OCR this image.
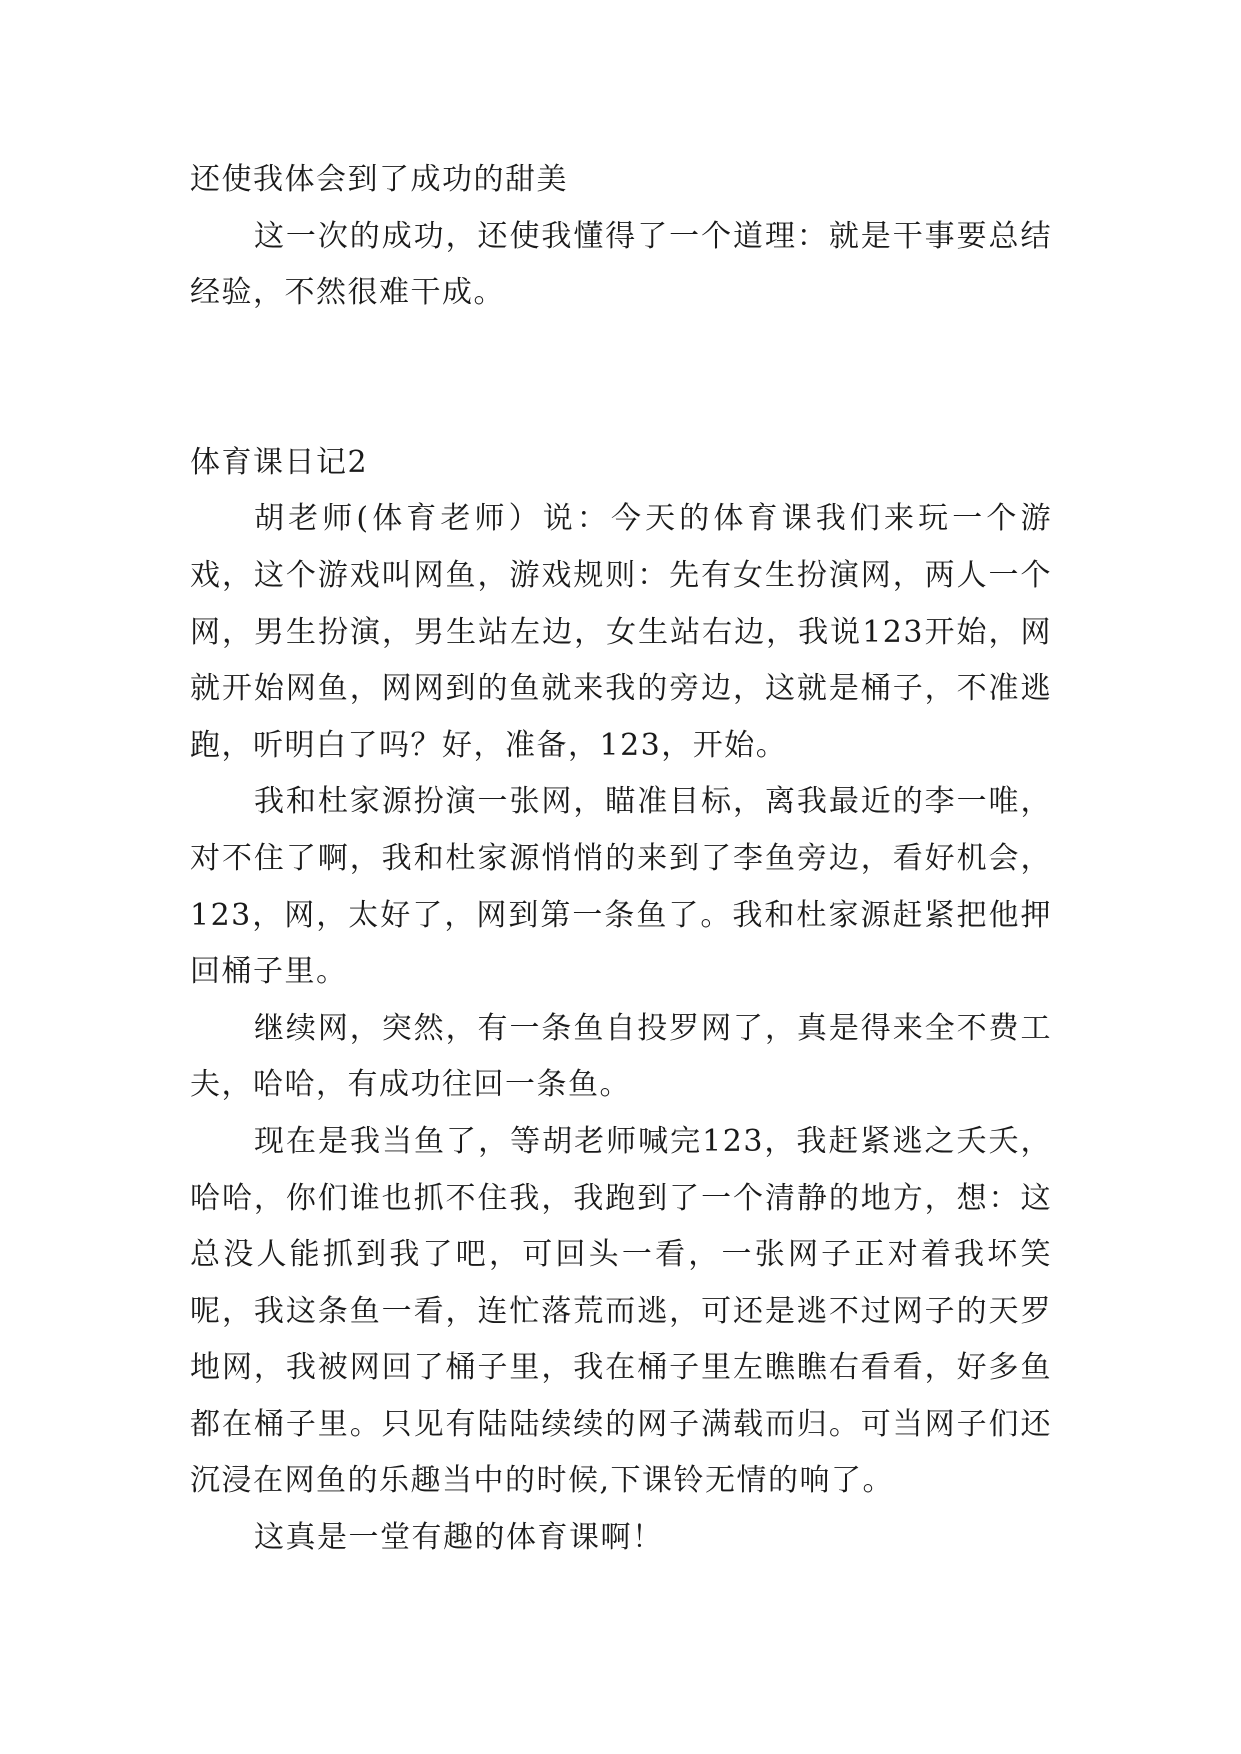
还使我体会到了成功的甜美

这一次的成功，还使我懂得了一个道理：就是干事要总结经验，不然很难干成。

体育课日记2

胡老师(体育老师）说：今天的体育课我们来玩一个游戏，这个游戏叫网鱼，游戏规则：先有女生扮演网，两人一个网，男生扮演，男生站左边，女生站右边，我说123开始，网就开始网鱼，网网到的鱼就来我的旁边，这就是桶子，不准逃跑，听明白了吗？好，准备，123，开始。

我和杜家源扮演一张网，瞄准目标，离我最近的李一唯，对不住了啊，我和杜家源悄悄的来到了李鱼旁边，看好机会，123，网，太好了，网到第一条鱼了。我和杜家源赶紧把他押回桶子里。

继续网，突然，有一条鱼自投罗网了，真是得来全不费工夫，哈哈，有成功往回一条鱼。

现在是我当鱼了，等胡老师喊完123，我赶紧逃之夭夭，哈哈，你们谁也抓不住我，我跑到了一个清静的地方，想：这总没人能抓到我了吧，可回头一看，一张网子正对着我坏笑呢，我这条鱼一看，连忙落荒而逃，可还是逃不过网子的天罗地网，我被网回了桶子里，我在桶子里左瞧瞧右看看，好多鱼都在桶子里。只见有陆陆续续的网子满载而归。可当网子们还沉浸在网鱼的乐趣当中的时候,下课铃无情的响了。

这真是一堂有趣的体育课啊！
